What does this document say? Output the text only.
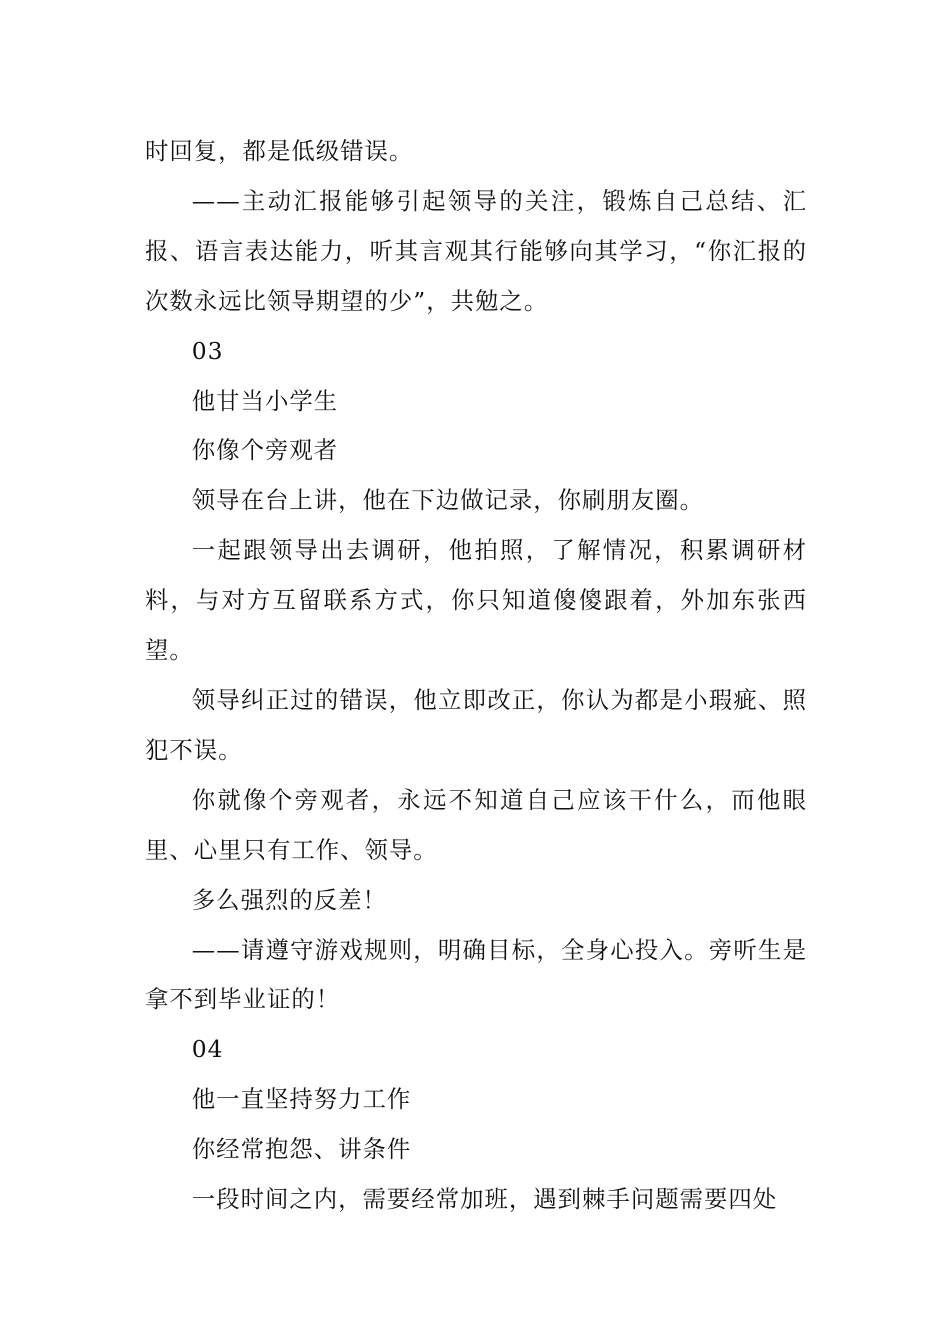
时回复，都是低级错误。

——主动汇报能够引起领导的关注，锻炼自己总结、汇报、语言表达能力，听其言观其行能够向其学习，“你汇报的次数永远比领导期望的少”，共勉之。

03

他甘当小学生

你像个旁观者

领导在台上讲，他在下边做记录，你刷朋友圈。

一起跟领导出去调研，他拍照，了解情况，积累调研材料，与对方互留联系方式，你只知道傻傻跟着，外加东张西望。

领导纠正过的错误，他立即改正，你认为都是小瑕疵、照犯不误。

你就像个旁观者，永远不知道自己应该干什么，而他眼里、心里只有工作、领导。

多么强烈的反差！

——请遵守游戏规则，明确目标，全身心投入。旁听生是拿不到毕业证的！

04

他一直坚持努力工作

你经常抱怨、讲条件

一段时间之内，需要经常加班，遇到棘手问题需要四处
